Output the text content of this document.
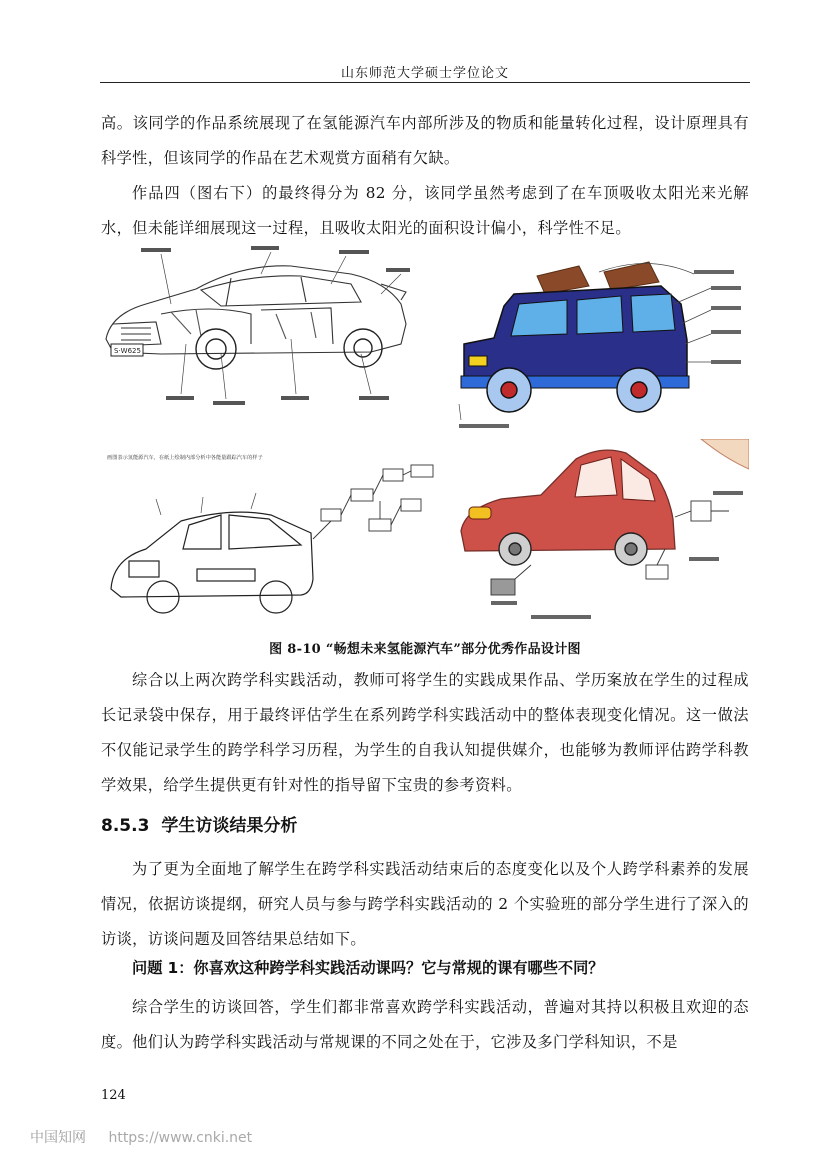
山东师范大学硕士学位论文
高。该同学的作品系统展现了在氢能源汽车内部所涉及的物质和能量转化过程，设计原理具有科学性，但该同学的作品在艺术观赏方面稍有欠缺。
作品四（图右下）的最终得分为 82 分，该同学虽然考虑到了在车顶吸收太阳光来光解水，但未能详细展现这一过程，且吸收太阳光的面积设计偏小，科学性不足。
S·W625
画图表示氢能源汽车，在纸上绘制内部分析中各能量跟踪汽车的样子
图 8-10 “畅想未来氢能源汽车”部分优秀作品设计图
综合以上两次跨学科实践活动，教师可将学生的实践成果作品、学历案放在学生的过程成长记录袋中保存，用于最终评估学生在系列跨学科实践活动中的整体表现变化情况。这一做法不仅能记录学生的跨学科学习历程，为学生的自我认知提供媒介，也能够为教师评估跨学科教学效果，给学生提供更有针对性的指导留下宝贵的参考资料。
8.5.3 学生访谈结果分析
为了更为全面地了解学生在跨学科实践活动结束后的态度变化以及个人跨学科素养的发展情况，依据访谈提纲，研究人员与参与跨学科实践活动的 2 个实验班的部分学生进行了深入的访谈，访谈问题及回答结果总结如下。
问题 1：你喜欢这种跨学科实践活动课吗？它与常规的课有哪些不同？
综合学生的访谈回答，学生们都非常喜欢跨学科实践活动，普遍对其持以积极且欢迎的态度。他们认为跨学科实践活动与常规课的不同之处在于，它涉及多门学科知识，不是
124
中国知网 https://www.cnki.net
